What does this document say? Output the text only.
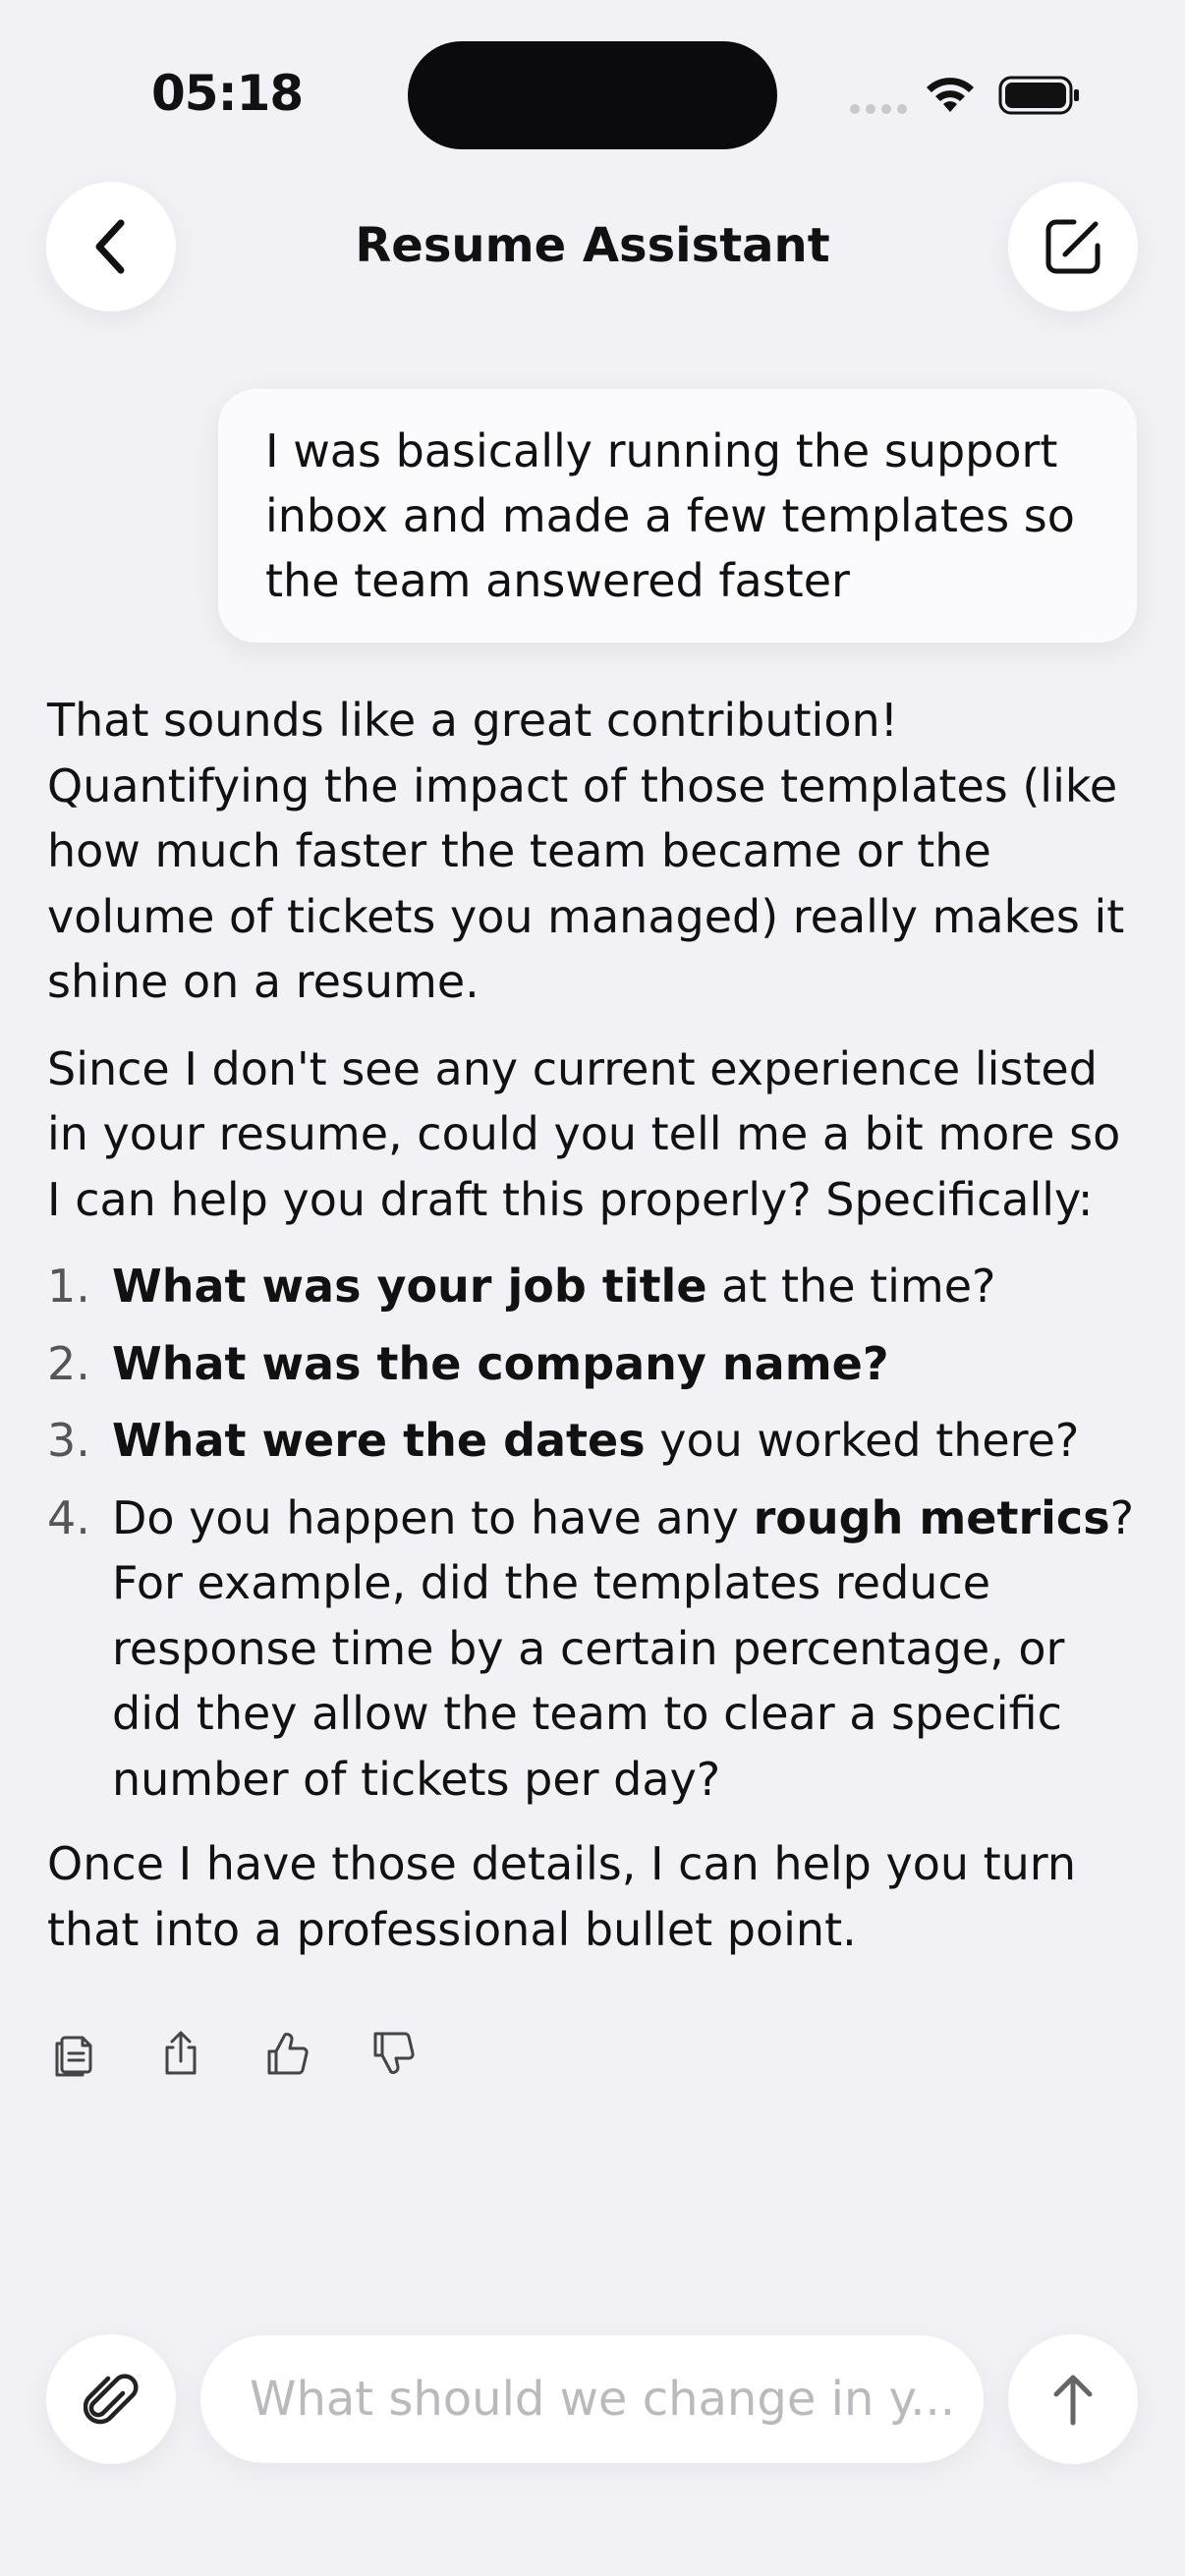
05:18
Resume Assistant
I was basically running the support inbox and made a few templates so the team answered faster

That sounds like a great contribution! Quantifying the impact of those templates (like how much faster the team became or the volume of tickets you managed) really makes it shine on a resume.

Since I don't see any current experience listed in your resume, could you tell me a bit more so I can help you draft this properly? Specifically:

1. What was your job title at the time?
2. What was the company name?
3. What were the dates you worked there?
4. Do you happen to have any rough metrics? For example, did the templates reduce response time by a certain percentage, or did they allow the team to clear a specific number of tickets per day?

Once I have those details, I can help you turn that into a professional bullet point.

What should we change in y...
